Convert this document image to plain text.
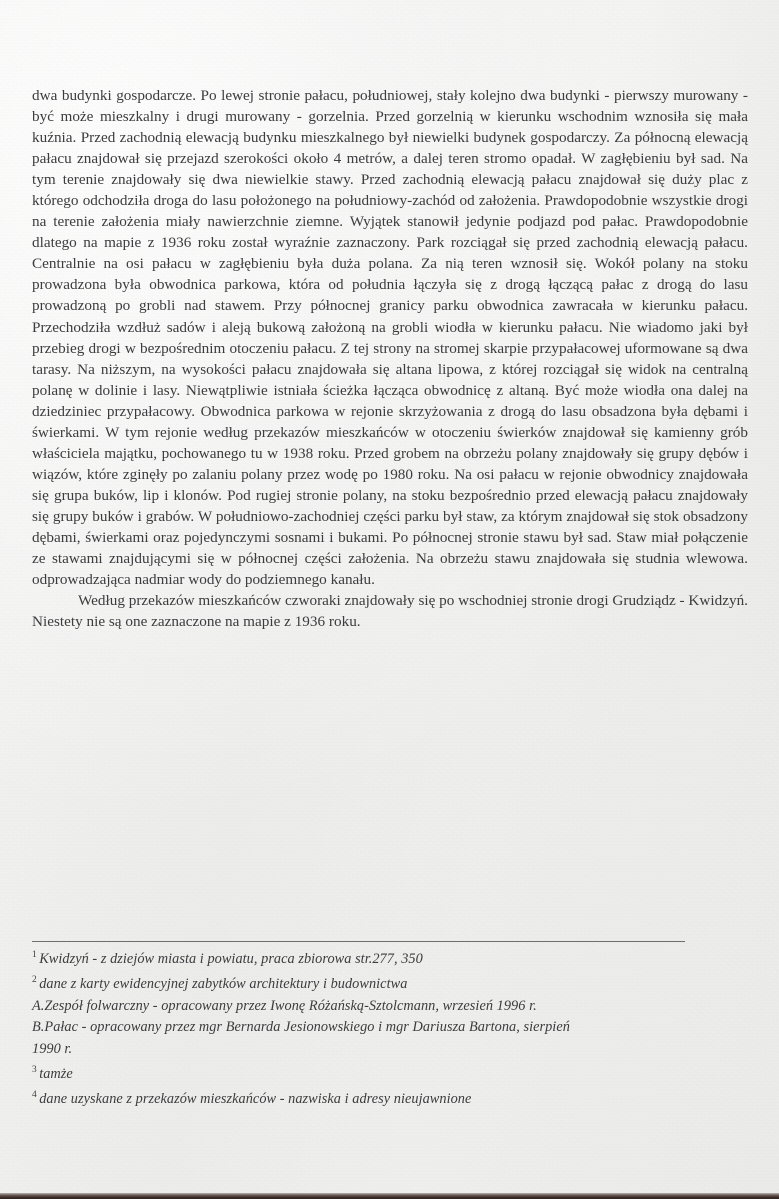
dwa budynki gospodarcze. Po lewej stronie pałacu, południowej, stały kolejno dwa budynki - pierwszy murowany - być może mieszkalny i drugi murowany - gorzelnia. Przed gorzelnią w kierunku wschodnim wznosiła się mała kuźnia. Przed zachodnią elewacją budynku mieszkalnego był niewielki budynek gospodarczy. Za północną elewacją pałacu znajdował się przejazd szerokości około 4 metrów, a dalej teren stromo opadał. W zagłębieniu był sad. Na tym terenie znajdowały się dwa niewielkie stawy. Przed zachodnią elewacją pałacu znajdował się duży plac z którego odchodziła droga do lasu położonego na południowy-zachód od założenia. Prawdopodobnie wszystkie drogi na terenie założenia miały nawierzchnie ziemne. Wyjątek stanowił jedynie podjazd pod pałac. Prawdopodobnie dlatego na mapie z 1936 roku został wyraźnie zaznaczony. Park rozciągał się przed zachodnią elewacją pałacu. Centralnie na osi pałacu w zagłębieniu była duża polana. Za nią teren wznosił się. Wokół polany na stoku prowadzona była obwodnica parkowa, która od południa łączyła się z drogą łączącą pałac z drogą do lasu prowadzoną po grobli nad stawem. Przy północnej granicy parku obwodnica zawracała w kierunku pałacu. Przechodziła wzdłuż sadów i aleją bukową założoną na grobli wiodła w kierunku pałacu. Nie wiadomo jaki był przebieg drogi w bezpośrednim otoczeniu pałacu. Z tej strony na stromej skarpie przypałacowej uformowane są dwa tarasy. Na niższym, na wysokości pałacu znajdowała się altana lipowa, z której rozciągał się widok na centralną polanę w dolinie i lasy. Niewątpliwie istniała ścieżka łącząca obwodnicę z altaną. Być może wiodła ona dalej na dziedziniec przypałacowy. Obwodnica parkowa w rejonie skrzyżowania z drogą do lasu obsadzona była dębami i świerkami. W tym rejonie według przekazów mieszkańców w otoczeniu świerków znajdował się kamienny grób właściciela majątku, pochowanego tu w 1938 roku. Przed grobem na obrzeżu polany znajdowały się grupy dębów i wiązów, które zginęły po zalaniu polany przez wodę po 1980 roku. Na osi pałacu w rejonie obwodnicy znajdowała się grupa buków, lip i klonów. Pod rugiej stronie polany, na stoku bezpośrednio przed elewacją pałacu znajdowały się grupy buków i grabów. W południowo-zachodniej części parku był staw, za którym znajdował się stok obsadzony dębami, świerkami oraz pojedynczymi sosnami i bukami. Po północnej stronie stawu był sad. Staw miał połączenie ze stawami znajdującymi się w północnej części założenia. Na obrzeżu stawu znajdowała się studnia wlewowa. odprowadzająca nadmiar wody do podziemnego kanału.

Według przekazów mieszkańców czworaki znajdowały się po wschodniej stronie drogi Grudziądz - Kwidzyń. Niestety nie są one zaznaczone na mapie z 1936 roku.

$^1$ Kwidzyń - z dziejów miasta i powiatu, praca zbiorowa str.277, 350
$^2$ dane z karty ewidencyjnej zabytków architektury i budownictwa
A.Zespół folwarczny - opracowany przez Iwonę Różańską-Sztolcmann, wrzesień 1996 r.
B.Pałac - opracowany przez mgr Bernarda Jesionowskiego i mgr Dariusza Bartona, sierpień
1990 r.
$^3$ tamże
$^4$ dane uzyskane z przekazów mieszkańców - nazwiska i adresy nieujawnione
